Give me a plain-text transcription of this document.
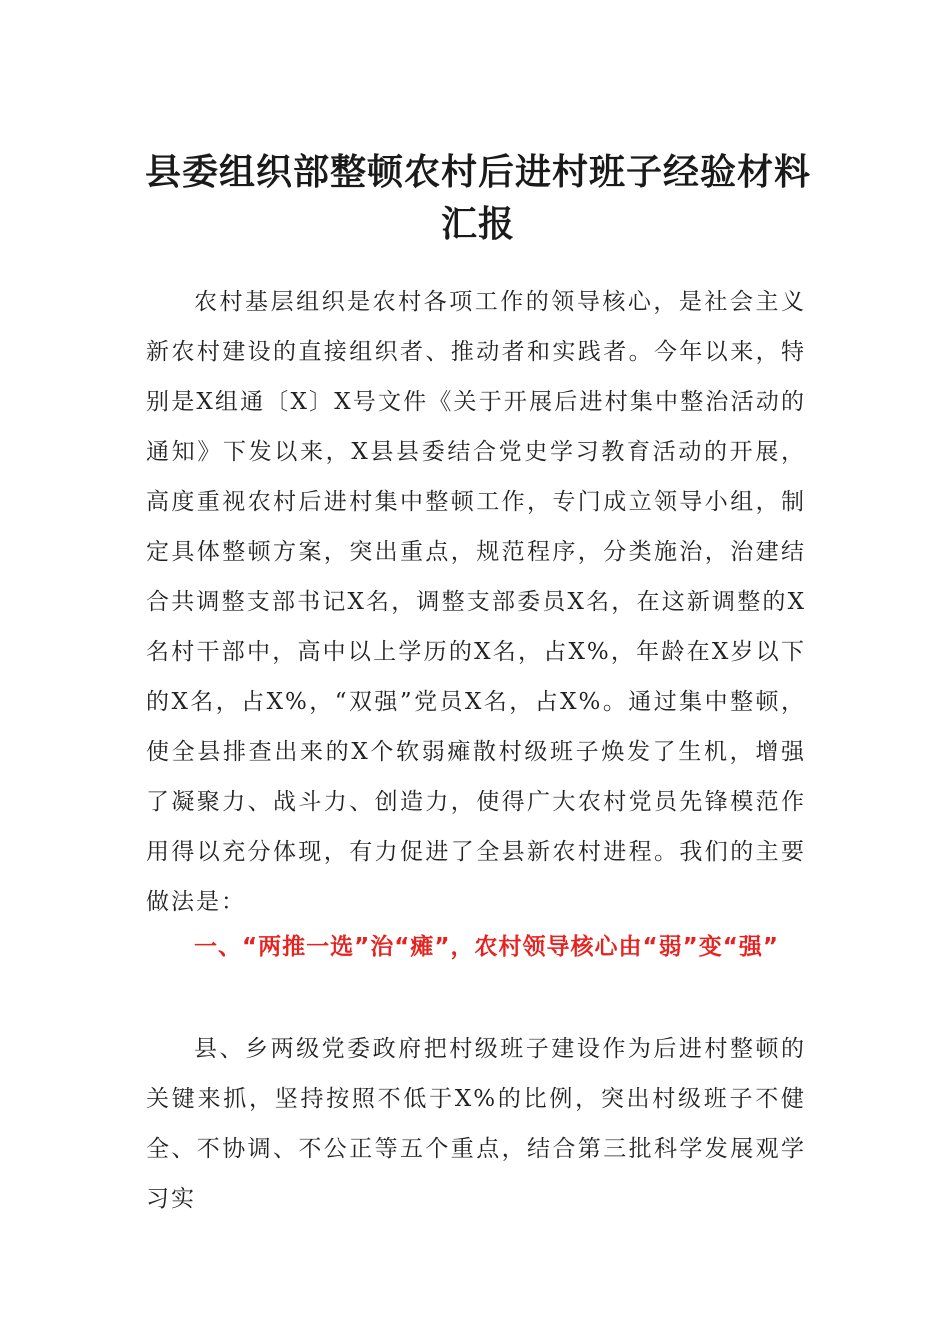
县委组织部整顿农村后进村班子经验材料汇报

农村基层组织是农村各项工作的领导核心，是社会主义新农村建设的直接组织者、推动者和实践者。今年以来，特别是X组通〔X〕X号文件《关于开展后进村集中整治活动的通知》下发以来，X县县委结合党史学习教育活动的开展，高度重视农村后进村集中整顿工作，专门成立领导小组，制定具体整顿方案，突出重点，规范程序，分类施治，治建结合共调整支部书记X名，调整支部委员X名，在这新调整的X名村干部中，高中以上学历的X名，占X%，年龄在X岁以下的X名，占X%，“双强”党员X名，占X%。通过集中整顿，使全县排查出来的X个软弱瘫散村级班子焕发了生机，增强了凝聚力、战斗力、创造力，使得广大农村党员先锋模范作用得以充分体现，有力促进了全县新农村进程。我们的主要做法是：

一、“两推一选”治“瘫”，农村领导核心由“弱”变“强”

县、乡两级党委政府把村级班子建设作为后进村整顿的关键来抓，坚持按照不低于X%的比例，突出村级班子不健全、不协调、不公正等五个重点，结合第三批科学发展观学习实
